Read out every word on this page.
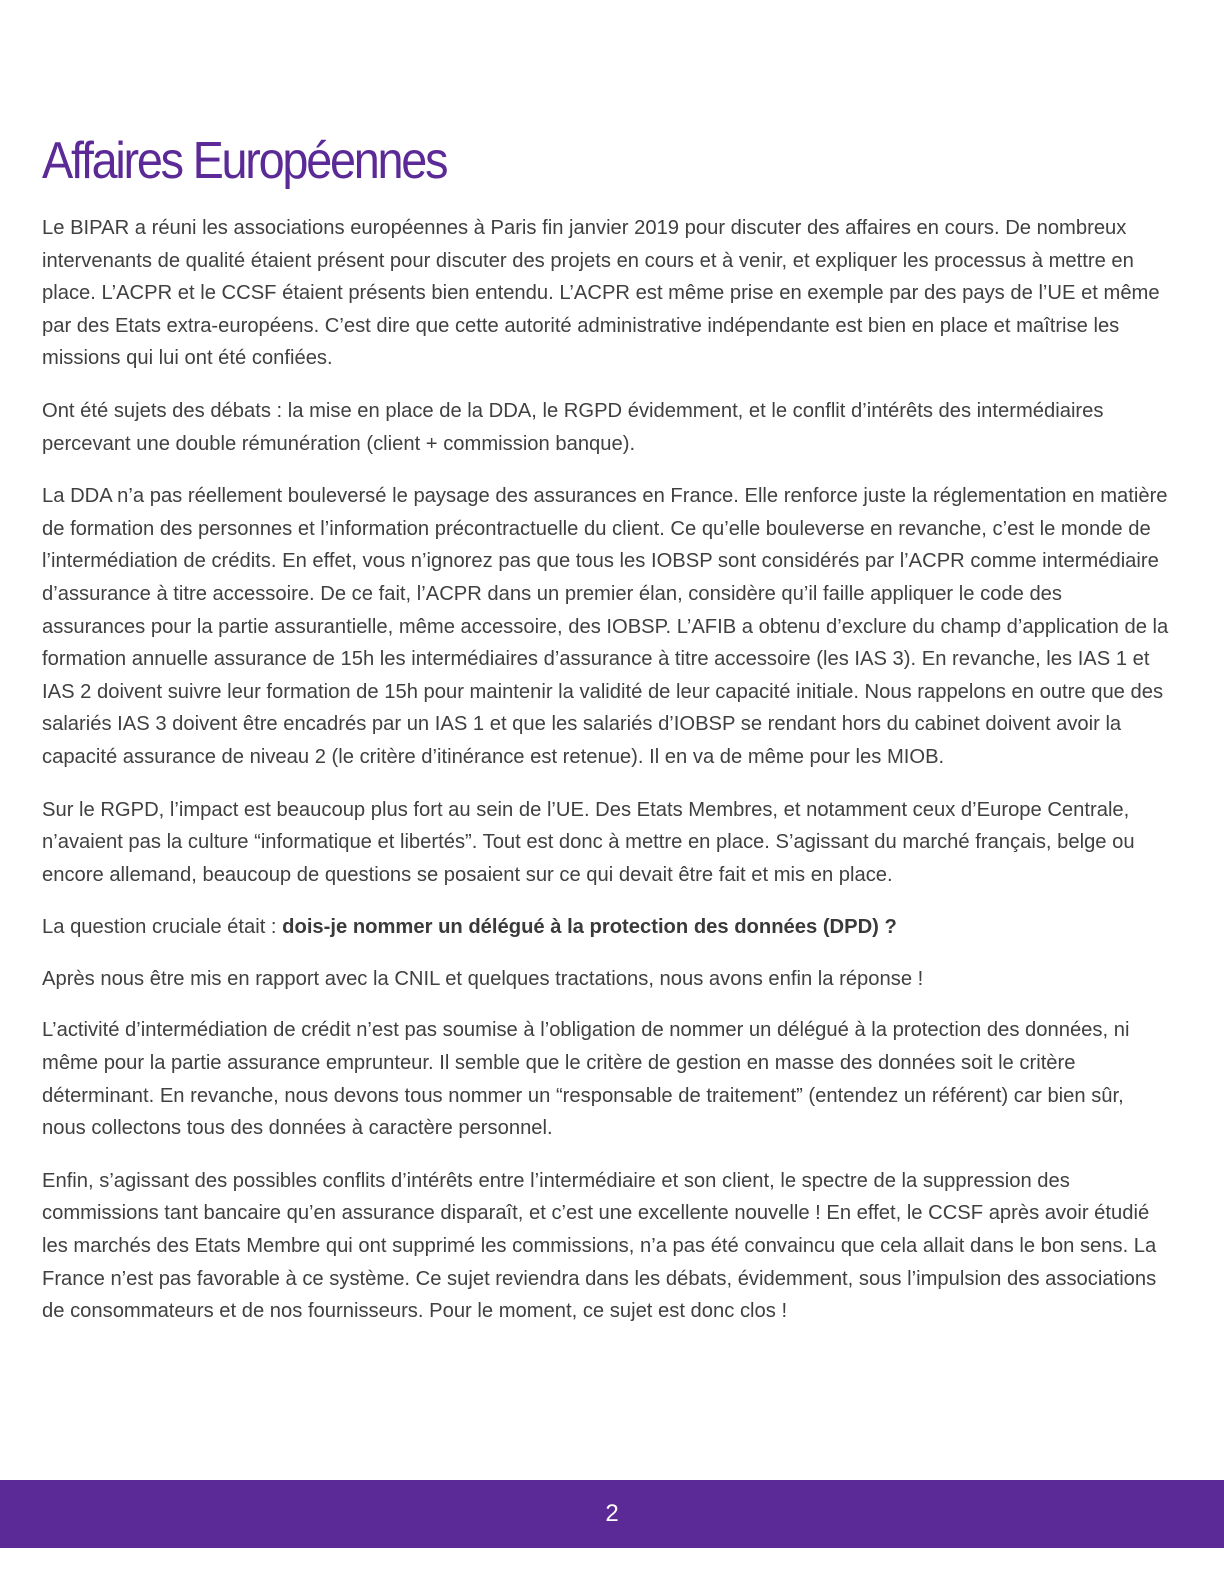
Affaires Européennes

Le BIPAR a réuni les associations européennes à Paris fin janvier 2019 pour discuter des affaires en cours. De nombreux intervenants de qualité étaient présent pour discuter des projets en cours et à venir, et expliquer les processus à mettre en place. L’ACPR et le CCSF étaient présents bien entendu. L’ACPR est même prise en exemple par des pays de l’UE et même par des Etats extra-européens. C’est dire que cette autorité administrative indépendante est bien en place et maîtrise les missions qui lui ont été confiées.

Ont été sujets des débats : la mise en place de la DDA, le RGPD évidemment, et le conflit d’intérêts des intermédiaires percevant une double rémunération (client + commission banque).

La DDA n’a pas réellement bouleversé le paysage des assurances en France. Elle renforce juste la réglementation en matière de formation des personnes et l’information précontractuelle du client. Ce qu’elle bouleverse en revanche, c’est le monde de l’intermédiation de crédits. En effet, vous n’ignorez pas que tous les IOBSP sont considérés par l’ACPR comme intermédiaire d’assurance à titre accessoire. De ce fait, l’ACPR dans un premier élan, considère qu’il faille appliquer le code des assurances pour la partie assurantielle, même accessoire, des IOBSP. L’AFIB a obtenu d’exclure du champ d’application de la formation annuelle assurance de 15h les intermédiaires d’assurance à titre accessoire (les IAS 3). En revanche, les IAS 1 et IAS 2 doivent suivre leur formation de 15h pour maintenir la validité de leur capacité initiale. Nous rappelons en outre que des salariés IAS 3 doivent être encadrés par un IAS 1 et que les salariés d’IOBSP se rendant hors du cabinet doivent avoir la capacité assurance de niveau 2 (le critère d’itinérance est retenue). Il en va de même pour les MIOB.

Sur le RGPD, l’impact est beaucoup plus fort au sein de l’UE. Des Etats Membres, et notamment ceux d’Europe Centrale, n’avaient pas la culture “informatique et libertés”. Tout est donc à mettre en place. S’agissant du marché français, belge ou encore allemand, beaucoup de questions se posaient sur ce qui devait être fait et mis en place.

La question cruciale était : dois-je nommer un délégué à la protection des données (DPD) ?

Après nous être mis en rapport avec la CNIL et quelques tractations, nous avons enfin la réponse !

L’activité d’intermédiation de crédit n’est pas soumise à l’obligation de nommer un délégué à la protection des données, ni même pour la partie assurance emprunteur. Il semble que le critère de gestion en masse des données soit le critère déterminant. En revanche, nous devons tous nommer un “responsable de traitement” (entendez un référent) car bien sûr, nous collectons tous des données à caractère personnel.

Enfin, s’agissant des possibles conflits d’intérêts entre l’intermédiaire et son client, le spectre de la suppression des commissions tant bancaire qu’en assurance disparaît, et c’est une excellente nouvelle ! En effet, le CCSF après avoir étudié les marchés des Etats Membre qui ont supprimé les commissions, n’a pas été convaincu que cela allait dans le bon sens. La France n’est pas favorable à ce système. Ce sujet reviendra dans les débats, évidemment, sous l’impulsion des associations de consommateurs et de nos fournisseurs. Pour le moment, ce sujet est donc clos !

2
